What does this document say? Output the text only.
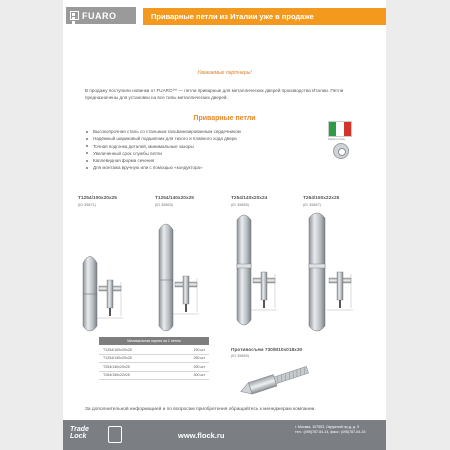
FUARO	Приварные петли из Италии уже в продаже
Уважаемые партнеры!
В продажу поступили новинки от FUARO™ — петли приварные для металлических дверей производства Италии. Петли предназначены для установки на все типы металлических дверей.
Приварные петли
Высокопрочная сталь со стальным гальванизированным сердечником
Надёжный шариковый подшипник для тихого и плавного хода двери
Точная подгонка деталей, минимальные зазоры
Увеличенный срок службы петли
Каплевидная форма сечения
Для монтажа вручную или с помощью «кондуктора»
Made in Italy
T1254/100x20x25
(ID 35871)
T1254/140x20x25
(ID 35863)
T254/140x20x24
(ID 35865)
T264/150x22x25
(ID 35867)
Минимальная партия на 1 петлю
T1254/100x20x25	150 шт
T1254/140x20x25	250 шт
T254/140x20x25	250 шт
T264/150x22x25	300 шт
Противосъем 730/M10x018x30
(ID 35869)
За дополнительной информацией и по вопросам приобретения обращайтесь к менеджерам компании.
Trade
Lock	www.flock.ru
г. Москва, 107553, Окружной пр-д, д. 9
тел.: (495)787-54-14, факс: (495)787-54-15
